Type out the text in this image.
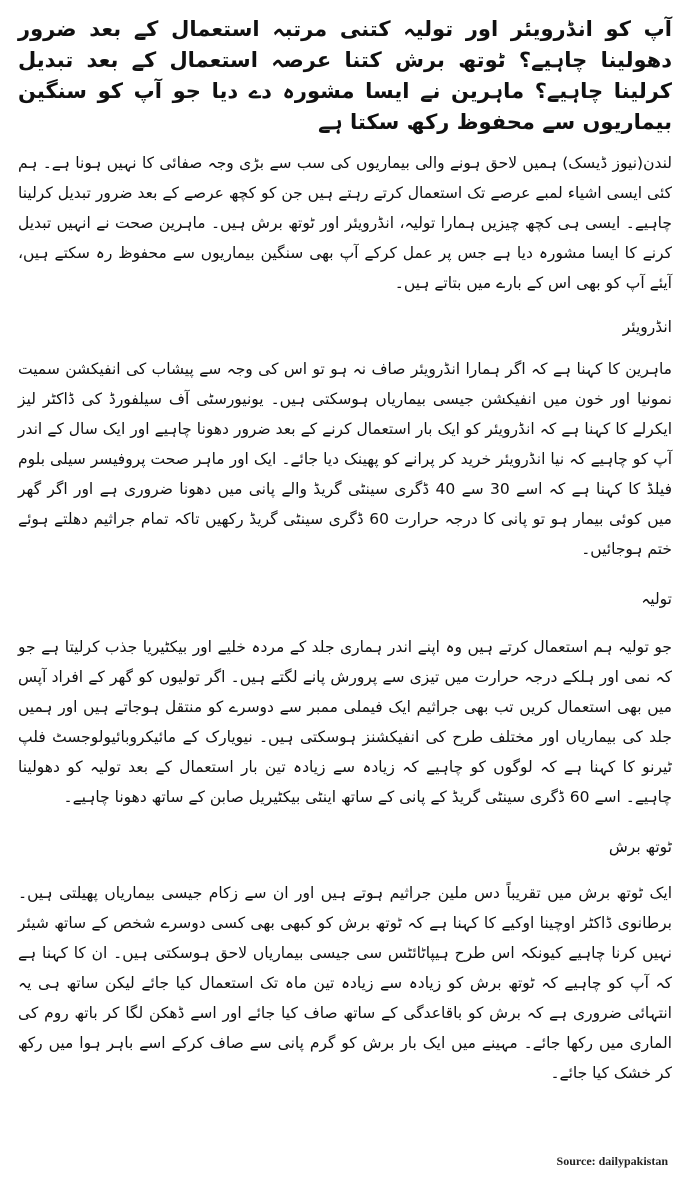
آپ کو انڈرویئر اور تولیہ کتنی مرتبہ استعمال کے بعد ضرور دھولینا چاہیے؟ ٹوتھ برش کتنا عرصہ استعمال کے بعد تبدیل کرلینا چاہیے؟ ماہرین نے ایسا مشورہ دے دیا جو آپ کو سنگین بیماریوں سے محفوظ رکھ سکتا ہے

لندن(نیوز ڈیسک) ہمیں لاحق ہونے والی بیماریوں کی سب سے بڑی وجہ صفائی کا نہیں ہونا ہے۔ ہم کئی ایسی اشیاء لمبے عرصے تک استعمال کرتے رہتے ہیں جن کو کچھ عرصے کے بعد ضرور تبدیل کرلینا چاہیے۔ ایسی ہی کچھ چیزیں ہمارا تولیہ، انڈرویئر اور ٹوتھ برش ہیں۔ ماہرین صحت نے انہیں تبدیل کرنے کا ایسا مشورہ دیا ہے جس پر عمل کرکے آپ بھی سنگین بیماریوں سے محفوظ رہ سکتے ہیں، آیئے آپ کو بھی اس کے بارے میں بتاتے ہیں۔

انڈرویئر

ماہرین کا کہنا ہے کہ اگر ہمارا انڈرویئر صاف نہ ہو تو اس کی وجہ سے پیشاب کی انفیکشن سمیت نمونیا اور خون میں انفیکشن جیسی بیماریاں ہوسکتی ہیں۔ یونیورسٹی آف سیلفورڈ کی ڈاکٹر لیز ایکرلے کا کہنا ہے کہ انڈرویئر کو ایک بار استعمال کرنے کے بعد ضرور دھونا چاہیے اور ایک سال کے اندر آپ کو چاہیے کہ نیا انڈرویئر خرید کر پرانے کو پھینک دیا جائے۔ ایک اور ماہر صحت پروفیسر سیلی بلوم فیلڈ کا کہنا ہے کہ اسے 30 سے 40 ڈگری سینٹی گریڈ والے پانی میں دھونا ضروری ہے اور اگر گھر میں کوئی بیمار ہو تو پانی کا درجہ حرارت 60 ڈگری سینٹی گریڈ رکھیں تاکہ تمام جراثیم دھلتے ہوئے ختم ہوجائیں۔

تولیہ

جو تولیہ ہم استعمال کرتے ہیں وہ اپنے اندر ہماری جلد کے مردہ خلیے اور بیکٹیریا جذب کرلیتا ہے جو کہ نمی اور ہلکے درجہ حرارت میں تیزی سے پرورش پانے لگتے ہیں۔ اگر تولیوں کو گھر کے افراد آپس میں بھی استعمال کریں تب بھی جراثیم ایک فیملی ممبر سے دوسرے کو منتقل ہوجاتے ہیں اور ہمیں جلد کی بیماریاں اور مختلف طرح کی انفیکشنز ہوسکتی ہیں۔ نیویارک کے مائیکروبائیولوجسٹ فلپ ٹیرنو کا کہنا ہے کہ لوگوں کو چاہیے کہ زیادہ سے زیادہ تین بار استعمال کے بعد تولیہ کو دھولینا چاہیے۔ اسے 60 ڈگری سینٹی گریڈ کے پانی کے ساتھ اینٹی بیکٹیریل صابن کے ساتھ دھونا چاہیے۔

ٹوتھ برش

ایک ٹوتھ برش میں تقریباً دس ملین جراثیم ہوتے ہیں اور ان سے زکام جیسی بیماریاں پھیلتی ہیں۔ برطانوی ڈاکٹر اوچینا اوکیے کا کہنا ہے کہ ٹوتھ برش کو کبھی بھی کسی دوسرے شخص کے ساتھ شیئر نہیں کرنا چاہیے کیونکہ اس طرح ہیپاٹائٹس سی جیسی بیماریاں لاحق ہوسکتی ہیں۔ ان کا کہنا ہے کہ آپ کو چاہیے کہ ٹوتھ برش کو زیادہ سے زیادہ تین ماہ تک استعمال کیا جائے لیکن ساتھ ہی یہ انتہائی ضروری ہے کہ برش کو باقاعدگی کے ساتھ صاف کیا جائے اور اسے ڈھکن لگا کر باتھ روم کی الماری میں رکھا جائے۔ مہینے میں ایک بار برش کو گرم پانی سے صاف کرکے اسے باہر ہوا میں رکھ کر خشک کیا جائے۔

Source: dailypakistan
